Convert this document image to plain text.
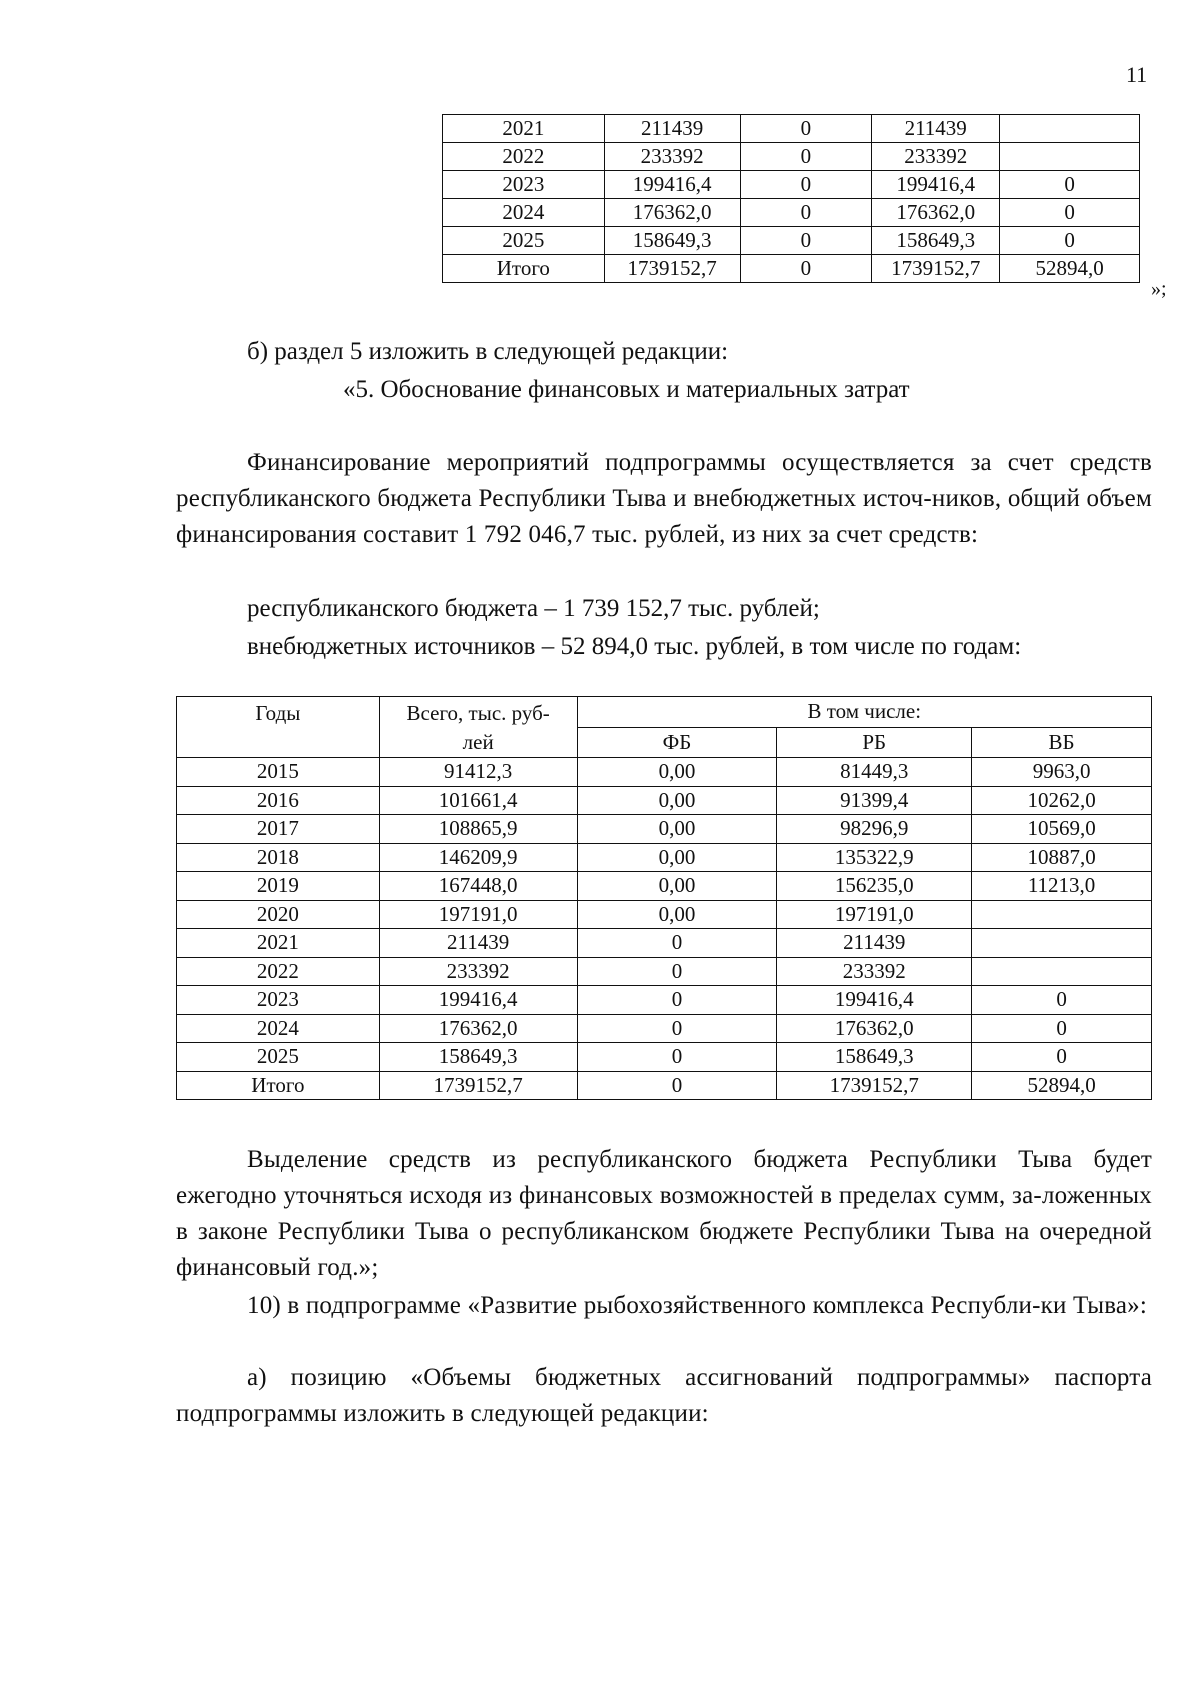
11
2021	211439	0	211439	
2022	233392	0	233392	
2023	199416,4	0	199416,4	0
2024	176362,0	0	176362,0	0
2025	158649,3	0	158649,3	0
Итого	1739152,7	0	1739152,7	52894,0
»;
б) раздел 5 изложить в следующей редакции:
«5. Обоснование финансовых и материальных затрат
Финансирование мероприятий подпрограммы осуществляется за счет средств республиканского бюджета Республики Тыва и внебюджетных источ-ников, общий объем финансирования составит 1 792 046,7 тыс. рублей, из них за счет средств:
республиканского бюджета – 1 739 152,7 тыс. рублей;
внебюджетных источников – 52 894,0 тыс. рублей, в том числе по годам:
Годы	Всего, тыс. руб-лей	В том числе:		
		ФБ	РБ	ВБ
2015	91412,3	0,00	81449,3	9963,0
2016	101661,4	0,00	91399,4	10262,0
2017	108865,9	0,00	98296,9	10569,0
2018	146209,9	0,00	135322,9	10887,0
2019	167448,0	0,00	156235,0	11213,0
2020	197191,0	0,00	197191,0	
2021	211439	0	211439	
2022	233392	0	233392	
2023	199416,4	0	199416,4	0
2024	176362,0	0	176362,0	0
2025	158649,3	0	158649,3	0
Итого	1739152,7	0	1739152,7	52894,0
Выделение средств из республиканского бюджета Республики Тыва будет ежегодно уточняться исходя из финансовых возможностей в пределах сумм, за-ложенных в законе Республики Тыва о республиканском бюджете Республики Тыва на очередной финансовый год.»;
10) в подпрограмме «Развитие рыбохозяйственного комплекса Республи-ки Тыва»:
а) позицию «Объемы бюджетных ассигнований подпрограммы» паспорта подпрограммы изложить в следующей редакции:
